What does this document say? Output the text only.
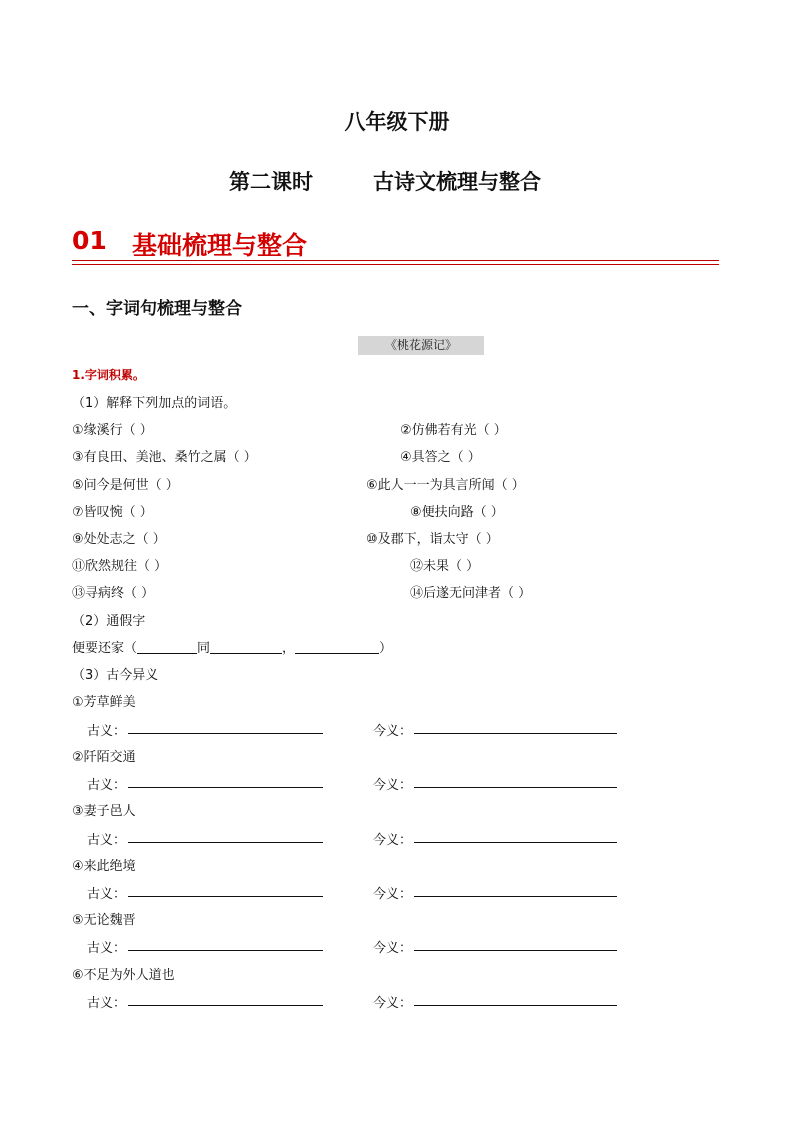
八年级下册
第二课时	古诗文梳理与整合
01 基础梳理与整合
一、字词句梳理与整合
《桃花源记》
1.字词积累。
（1）解释下列加点的词语。
①缘溪行（ ）	②仿佛若有光（ ）
③有良田、美池、桑竹之属（ ）	④具答之（ ）
⑤问今是何世（ ）	⑥此人一一为具言所闻（ ）
⑦皆叹惋（ ）	⑧便扶向路（ ）
⑨处处志之（ ）	⑩及郡下，诣太守（ ）
⑪欣然规往（ ）	⑫未果（ ）
⑬寻病终（ ）	⑭后遂无问津者（ ）
（2）通假字
便要还家（	同	，	）
（3）古今异义
①芳草鲜美
古义：	今义：
②阡陌交通
古义：	今义：
③妻子邑人
古义：	今义：
④来此绝境
古义：	今义：
⑤无论魏晋
古义：	今义：
⑥不足为外人道也
古义：	今义：
